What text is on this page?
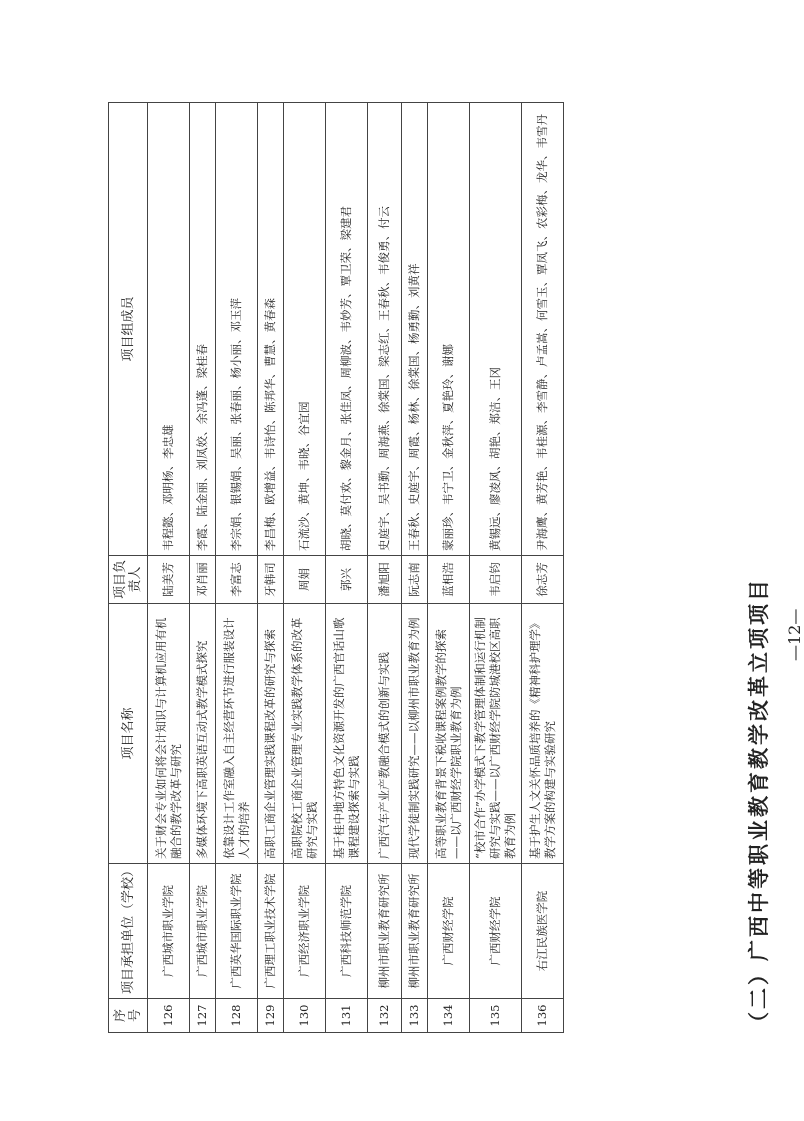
序号	项目承担单位（学校）	项目名称	项目负责人	项目组成员
126	广西城市职业学院	关于财会专业如何将会计知识与计算机应用有机融合的教学改革与研究	陆美芳	韦程懿、邓明杨、李忠雄
127	广西城市职业学院	多媒体环境下高职英语互动式教学模式探究	邓肖丽	李霞、陆金丽、刘凤姣、余冯蓬、梁桂春
128	广西英华国际职业学院	依靠设计工作室融入自主经营环节进行服装设计人才的培养	李富志	李宗娟、银锡娟、吴丽、张春丽、杨小丽、邓玉萍
129	广西理工职业技术学院	高职工商企业管理实践课程改革的研究与探索	牙韩司	李昌梅、欧增益、韦诗怡、陈邦华、曹慧、黄春森
130	广西经济职业学院	高职院校工商企业管理专业实践教学体系的改革研究与实践	周娟	石流沙、黄坤、韦晓、谷宜园
131	广西科技师范学院	基于桂中地方特色文化资源开发的广西官话山歌课程建设探索与实践	郭兴	胡晓、莫付欢、黎金月、张佳凤、周柳波、韦妙芳、覃卫荣、梁建君
132	柳州市职业教育研究所	广西汽车产业产教融合模式的创新与实践	潘旭阳	史庭宇、吴书勤、周海燕、徐棠国、梁志红、王春秋、韦俊勇、付云
133	柳州市职业教育研究所	现代学徒制实践研究——以柳州市职业教育为例	阮志南	王春秋、史庭宇、周霞、杨林、徐棠国、杨勇勤、刘黄祥
134	广西财经学院	高等职业教育背景下税收课程案例教学的探索——以广西财经学院职业教育为例	蓝相浩	蒙丽珍、韦宁卫、金秋萍、夏艳玲、谢娜
135	广西财经学院	“校市合作”办学模式下教学管理体制和运行机制研究与实践——以广西财经学院防城港校区高职教育为例	韦启钧	黄锡远、廖凌风、胡艳、郑洁、王冈
136	右江民族医学院	基于护生人文关怀品质培养的《精神科护理学》教学方案的构建与实验研究	徐志芳	尹海鹰、黄芳艳、韦桂源、李雪静、卢孟嵩、何雪玉、覃凤飞、农彩梅、龙华、韦雪丹
（二）广西中等职业教育教学改革立项项目 —12—
